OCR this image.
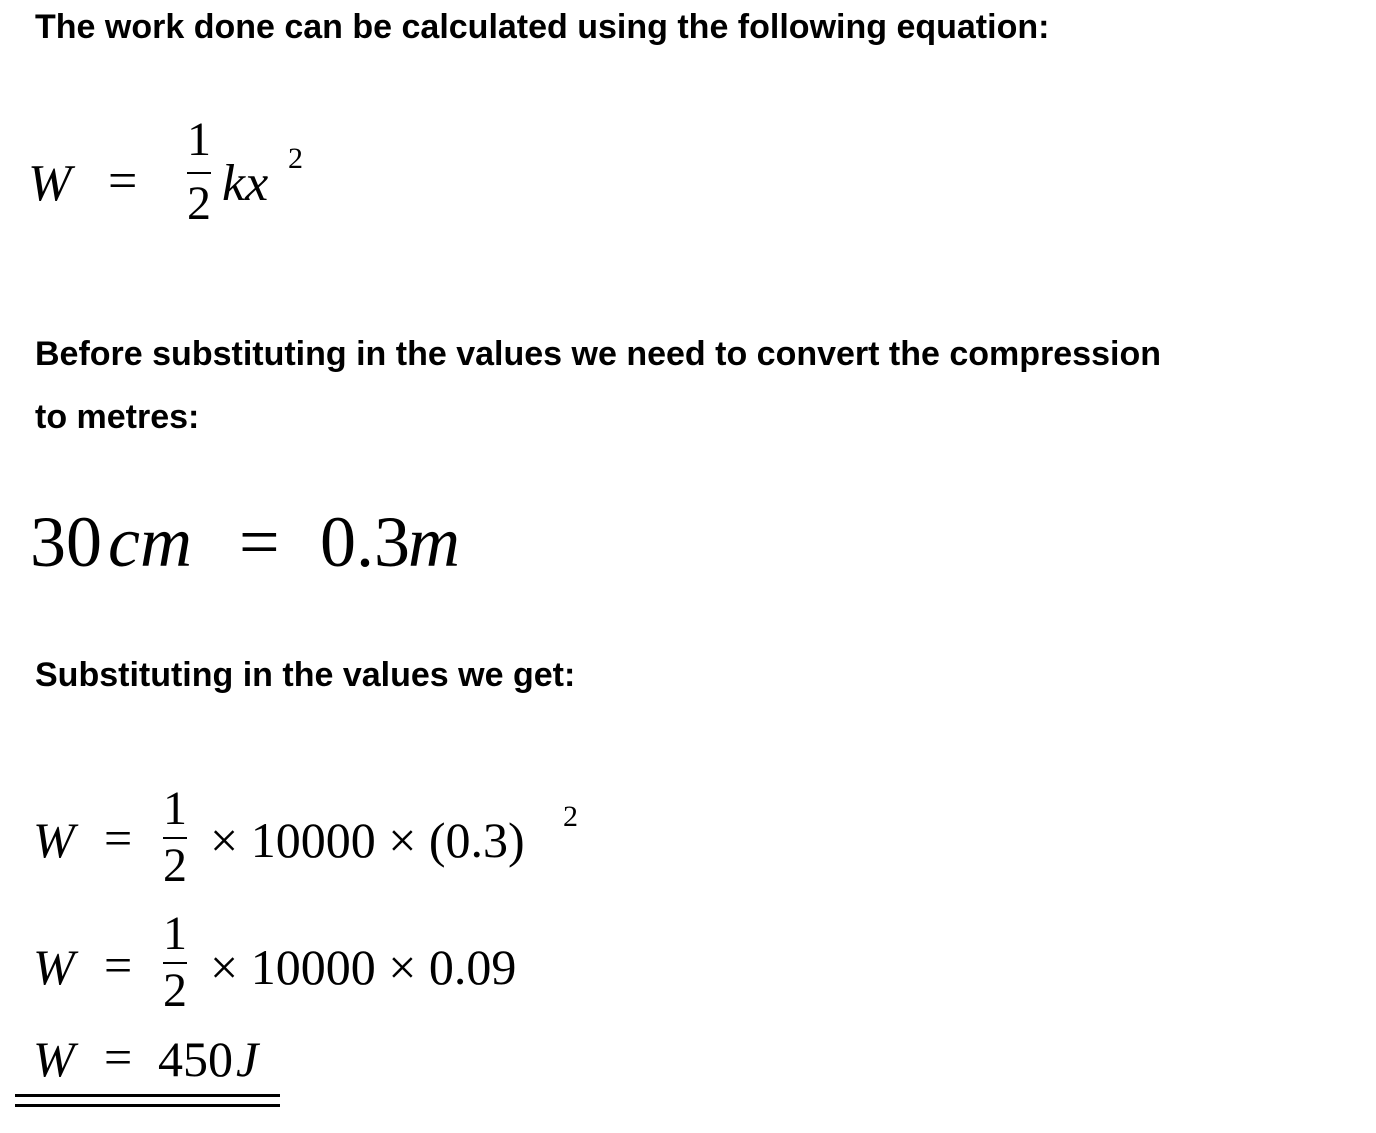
The work done can be calculated using the following equation:

W =
1
2 kx 2

Before substituting in the values we need to convert the compression

to metres:

30 cm = 0.3
m

Substituting in the values we get:

W =
1
2 × 10000 × (0.3) 2
W =
1
2 × 10000 × 0.09
W = 450 J
